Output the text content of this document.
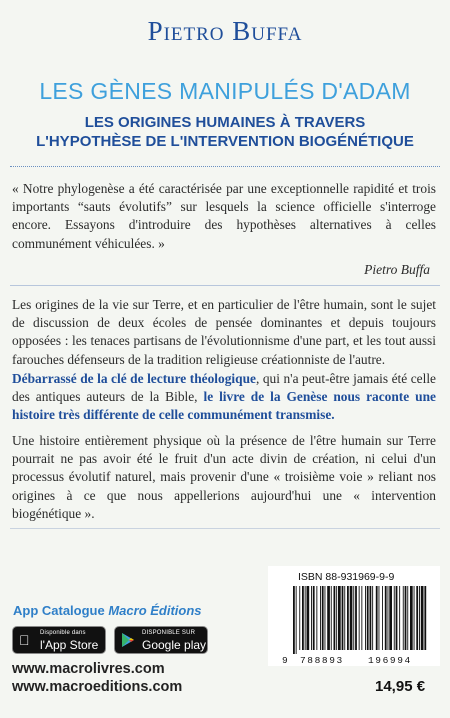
Pietro Buffa
LES GÈNES MANIPULÉS D'ADAM
LES ORIGINES HUMAINES À TRAVERS
L'HYPOTHÈSE DE L'INTERVENTION BIOGÉNÉTIQUE
« Notre phylogenèse a été caractérisée par une exceptionnelle rapidité et trois importants “sauts évolutifs” sur lesquels la science officielle s'interroge encore. Essayons d'introduire des hypothèses alternatives à celles communément véhiculées. »
Pietro Buffa
Les origines de la vie sur Terre, et en particulier de l'être humain, sont le sujet de discussion de deux écoles de pensée dominantes et depuis toujours opposées : les tenaces partisans de l'évolutionnisme d'une part, et les tout aussi farouches défenseurs de la tradition religieuse créationniste de l'autre.
Débarrassé de la clé de lecture théologique, qui n'a peut-être jamais été celle des antiques auteurs de la Bible, le livre de la Genèse nous raconte une histoire très différente de celle communément transmise.
Une histoire entièrement physique où la présence de l'être humain sur Terre pourrait ne pas avoir été le fruit d'un acte divin de création, ni celui d'un processus évolutif naturel, mais provenir d'une « troisième voie » reliant nos origines à ce que nous appellerions aujourd'hui une « intervention biogénétique ».
App Catalogue Macro Éditions
Disponible dans
l'App Store
DISPONIBLE SUR
Google play
www.macrolivres.com
www.macroeditions.com
ISBN 88-931969-9-9
9 788893	196994
14,95 €
